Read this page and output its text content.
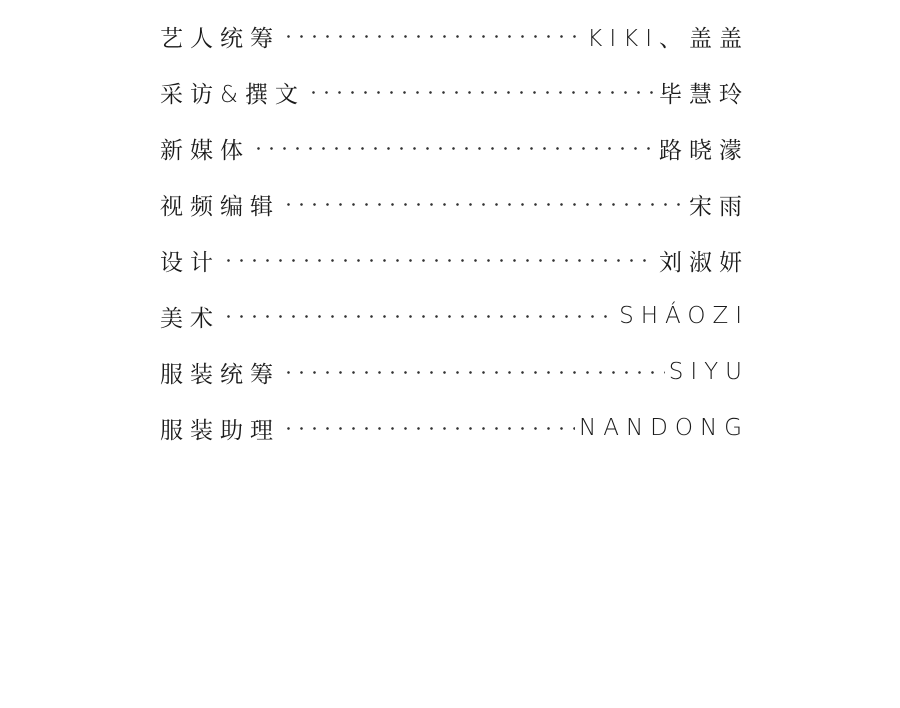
艺人统筹	KIKI、盖盖
采访&撰文	毕慧玲
新媒体	路晓濛
视频编辑	宋雨
设计	刘淑妍
美术	SHÁOZI
服装统筹	SIYU
服装助理	NANDONG
